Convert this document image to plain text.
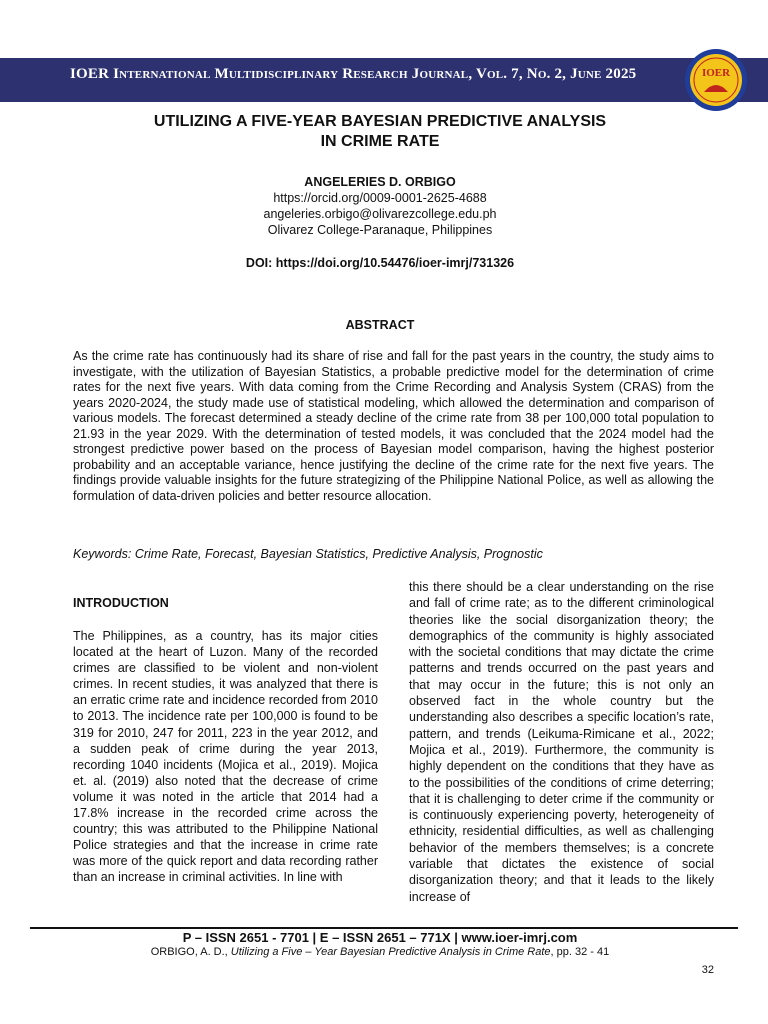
IOER International Multidisciplinary Research Journal, Vol. 7, No. 2, June 2025	IOER
UTILIZING A FIVE-YEAR BAYESIAN PREDICTIVE ANALYSIS
IN CRIME RATE
ANGELERIES D. ORBIGO
https://orcid.org/0009-0001-2625-4688
angeleries.orbigo@olivarezcollege.edu.ph
Olivarez College-Paranaque, Philippines
DOI: https://doi.org/10.54476/ioer-imrj/731326
ABSTRACT

As the crime rate has continuously had its share of rise and fall for the past years in the country, the study aims to investigate, with the utilization of Bayesian Statistics, a probable predictive model for the determination of crime rates for the next five years. With data coming from the Crime Recording and Analysis System (CRAS) from the years 2020-2024, the study made use of statistical modeling, which allowed the determination and comparison of various models. The forecast determined a steady decline of the crime rate from 38 per 100,000 total population to 21.93 in the year 2029. With the determination of tested models, it was concluded that the 2024 model had the strongest predictive power based on the process of Bayesian model comparison, having the highest posterior probability and an acceptable variance, hence justifying the decline of the crime rate for the next five years. The findings provide valuable insights for the future strategizing of the Philippine National Police, as well as allowing the formulation of data-driven policies and better resource allocation.

Keywords: Crime Rate, Forecast, Bayesian Statistics, Predictive Analysis, Prognostic

INTRODUCTION

The Philippines, as a country, has its major cities located at the heart of Luzon. Many of the recorded crimes are classified to be violent and non-violent crimes. In recent studies, it was analyzed that there is an erratic crime rate and incidence recorded from 2010 to 2013. The incidence rate per 100,000 is found to be 319 for 2010, 247 for 2011, 223 in the year 2012, and a sudden peak of crime during the year 2013, recording 1040 incidents (Mojica et al., 2019). Mojica et. al. (2019) also noted that the decrease of crime volume it was noted in the article that 2014 had a 17.8% increase in the recorded crime across the country; this was attributed to the Philippine National Police strategies and that the increase in crime rate was more of the quick report and data recording rather than an increase in criminal activities. In line with

this there should be a clear understanding on the rise and fall of crime rate; as to the different criminological theories like the social disorganization theory; the demographics of the community is highly associated with the societal conditions that may dictate the crime patterns and trends occurred on the past years and that may occur in the future; this is not only an observed fact in the whole country but the understanding also describes a specific location’s rate, pattern, and trends (Leikuma-Rimicane et al., 2022; Mojica et al., 2019). Furthermore, the community is highly dependent on the conditions that they have as to the possibilities of the conditions of crime deterring; that it is challenging to deter crime if the community or is continuously experiencing poverty, heterogeneity of ethnicity, residential difficulties, as well as challenging behavior of the members themselves; is a concrete variable that dictates the existence of social disorganization theory; and that it leads to the likely increase of

P – ISSN 2651 - 7701 | E – ISSN 2651 – 771X | www.ioer-imrj.com
ORBIGO, A. D., Utilizing a Five – Year Bayesian Predictive Analysis in Crime Rate, pp. 32 - 41
32
